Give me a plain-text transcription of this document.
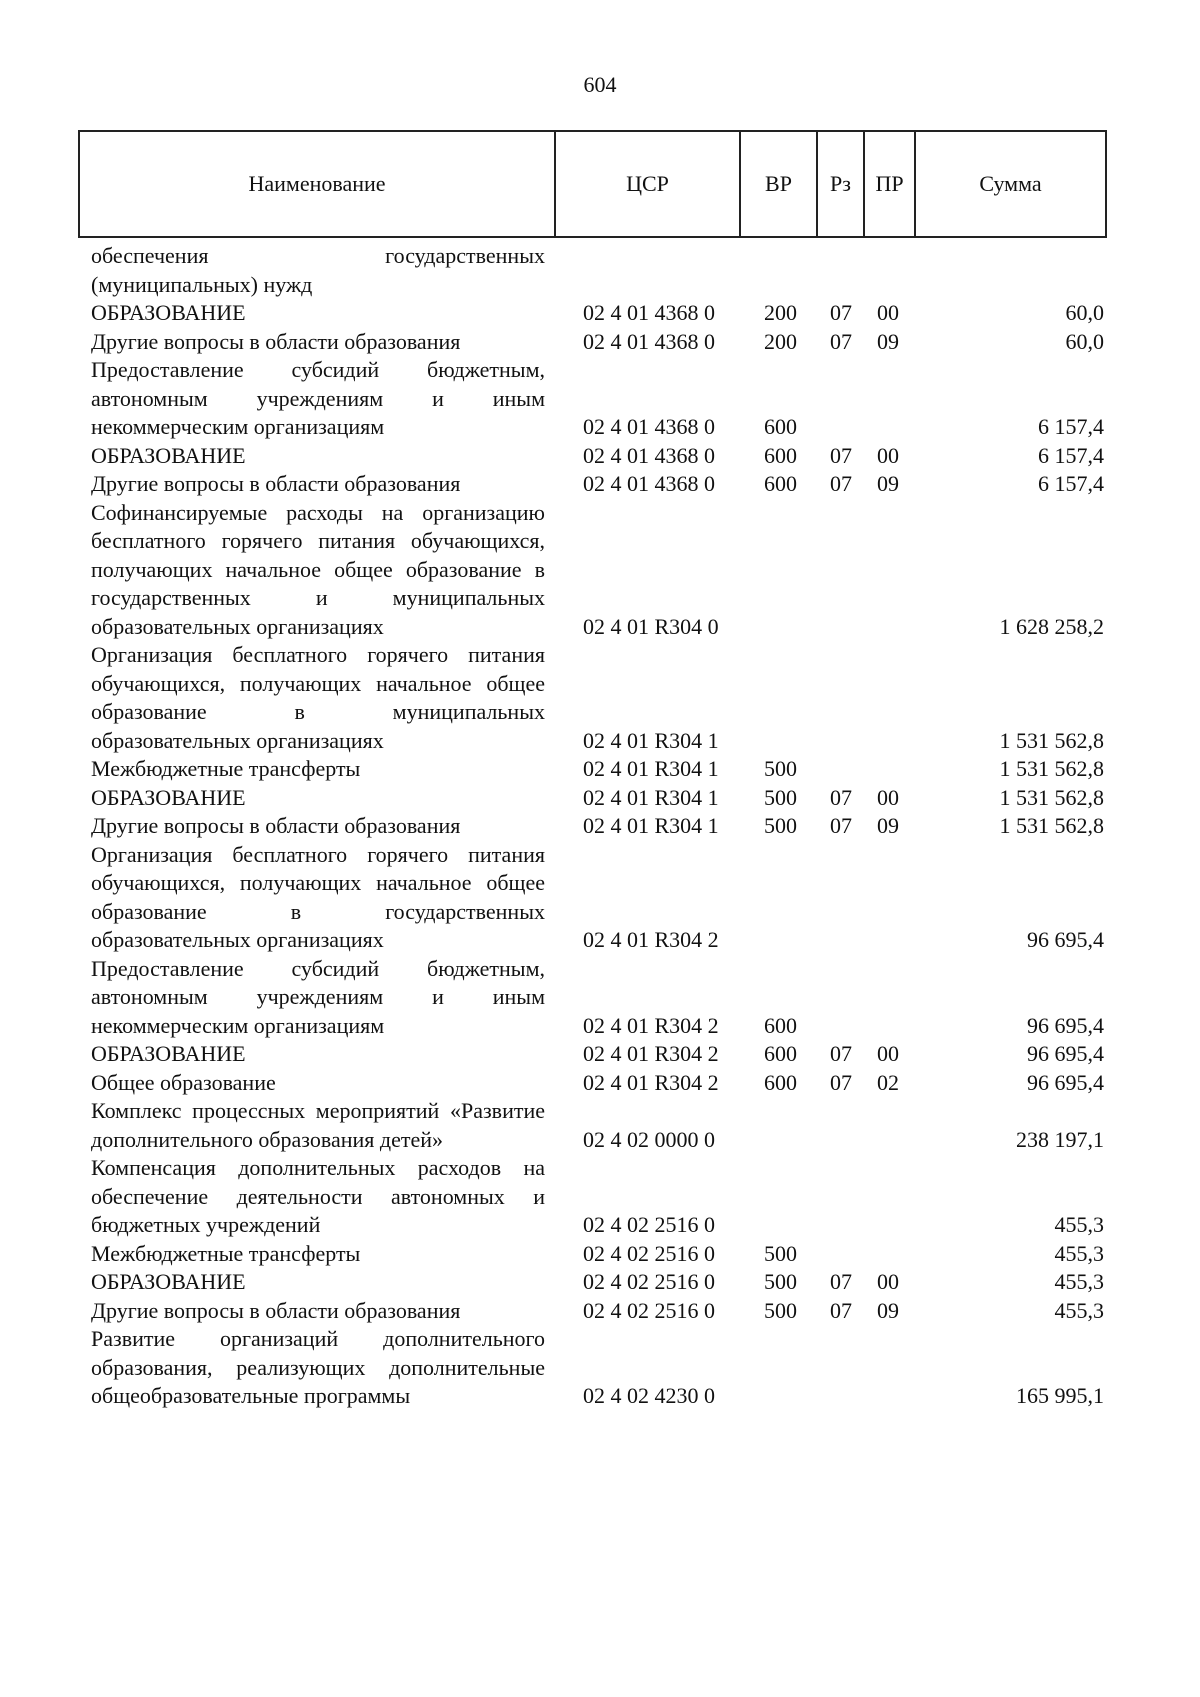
604
Наименование	ЦСР	ВР	Рз	ПР	Сумма
обеспечения государственных (муниципальных) нужд					
ОБРАЗОВАНИЕ	02 4 01 4368 0	200	07	00	60,0
Другие вопросы в области образования	02 4 01 4368 0	200	07	09	60,0
Предоставление субсидий бюджетным, автономным учреждениям и иным некоммерческим организациям	02 4 01 4368 0	600			6 157,4
ОБРАЗОВАНИЕ	02 4 01 4368 0	600	07	00	6 157,4
Другие вопросы в области образования	02 4 01 4368 0	600	07	09	6 157,4
Софинансируемые расходы на организацию бесплатного горячего питания обучающихся, получающих начальное общее образование в государственных и муниципальных образовательных организациях	02 4 01 R304 0				1 628 258,2
Организация бесплатного горячего питания обучающихся, получающих начальное общее образование в муниципальных образовательных организациях	02 4 01 R304 1				1 531 562,8
Межбюджетные трансферты	02 4 01 R304 1	500			1 531 562,8
ОБРАЗОВАНИЕ	02 4 01 R304 1	500	07	00	1 531 562,8
Другие вопросы в области образования	02 4 01 R304 1	500	07	09	1 531 562,8
Организация бесплатного горячего питания обучающихся, получающих начальное общее образование в государственных образовательных организациях	02 4 01 R304 2				96 695,4
Предоставление субсидий бюджетным, автономным учреждениям и иным некоммерческим организациям	02 4 01 R304 2	600			96 695,4
ОБРАЗОВАНИЕ	02 4 01 R304 2	600	07	00	96 695,4
Общее образование	02 4 01 R304 2	600	07	02	96 695,4
Комплекс процессных мероприятий «Развитие дополнительного образования детей»	02 4 02 0000 0				238 197,1
Компенсация дополнительных расходов на обеспечение деятельности автономных и бюджетных учреждений	02 4 02 2516 0				455,3
Межбюджетные трансферты	02 4 02 2516 0	500			455,3
ОБРАЗОВАНИЕ	02 4 02 2516 0	500	07	00	455,3
Другие вопросы в области образования	02 4 02 2516 0	500	07	09	455,3
Развитие организаций дополнительного образования, реализующих дополнительные общеобразовательные программы	02 4 02 4230 0				165 995,1
